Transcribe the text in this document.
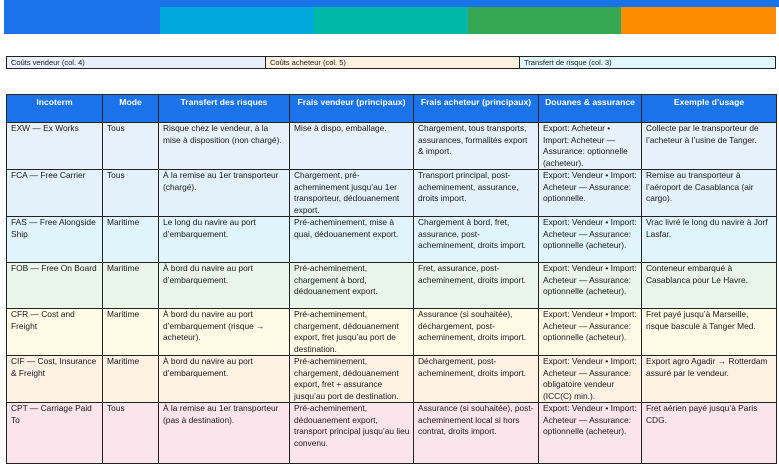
Coûts vendeur (col. 4)	Coûts acheteur (col. 5)	Transfert de risque (col. 3)
Incoterm	Mode	Transfert des risques	Frais vendeur (principaux)	Frais acheteur (principaux)	Douanes & assurance	Exemple d’usage
EXW — Ex Works	Tous	Risque chez le vendeur, à la mise à disposition (non chargé).	Mise à dispo, emballage.	Chargement, tous transports, assurances, formalités export & import.	Export: Acheteur • Import: Acheteur — Assurance: optionnelle (acheteur).	Collecte par le transporteur de l’acheteur à l’usine de Tanger.
FCA — Free Carrier	Tous	À la remise au 1er transporteur (chargé).	Chargement, pré-acheminement jusqu’au 1er transporteur, dédouanement export.	Transport principal, post-acheminement, assurance, droits import.	Export: Vendeur • Import: Acheteur — Assurance: optionnelle.	Remise au transporteur à l’aéroport de Casablanca (air cargo).
FAS — Free Alongside Ship	Maritime	Le long du navire au port d’embarquement.	Pré-acheminement, mise à quai, dédouanement export.	Chargement à bord, fret, assurance, post-acheminement, droits import.	Export: Vendeur • Import: Acheteur — Assurance: optionnelle (acheteur).	Vrac livré le long du navire à Jorf Lasfar.
FOB — Free On Board	Maritime	À bord du navire au port d’embarquement.	Pré-acheminement, chargement à bord, dédouanement export.	Fret, assurance, post-acheminement, droits import.	Export: Vendeur • Import: Acheteur — Assurance: optionnelle (acheteur).	Conteneur embarqué à Casablanca pour Le Havre.
CFR — Cost and Freight	Maritime	À bord du navire au port d’embarquement (risque → acheteur).	Pré-acheminement, chargement, dédouanement export, fret jusqu’au port de destination.	Assurance (si souhaitée), déchargement, post-acheminement, droits import.	Export: Vendeur • Import: Acheteur — Assurance: optionnelle (acheteur).	Fret payé jusqu’à Marseille, risque bascule à Tanger Med.
CIF — Cost, Insurance & Freight	Maritime	À bord du navire au port d’embarquement.	Pré-acheminement, chargement, dédouanement export, fret + assurance jusqu’au port de destination.	Déchargement, post-acheminement, droits import.	Export: Vendeur • Import: Acheteur — Assurance: obligatoire vendeur (ICC(C) min.).	Export agro Agadir → Rotterdam assuré par le vendeur.
CPT — Carriage Paid To	Tous	À la remise au 1er transporteur (pas à destination).	Pré-acheminement, dédouanement export, transport principal jusqu’au lieu convenu.	Assurance (si souhaitée), post-acheminement local si hors contrat, droits import.	Export: Vendeur • Import: Acheteur — Assurance: optionnelle (acheteur).	Fret aérien payé jusqu’à Paris CDG.
